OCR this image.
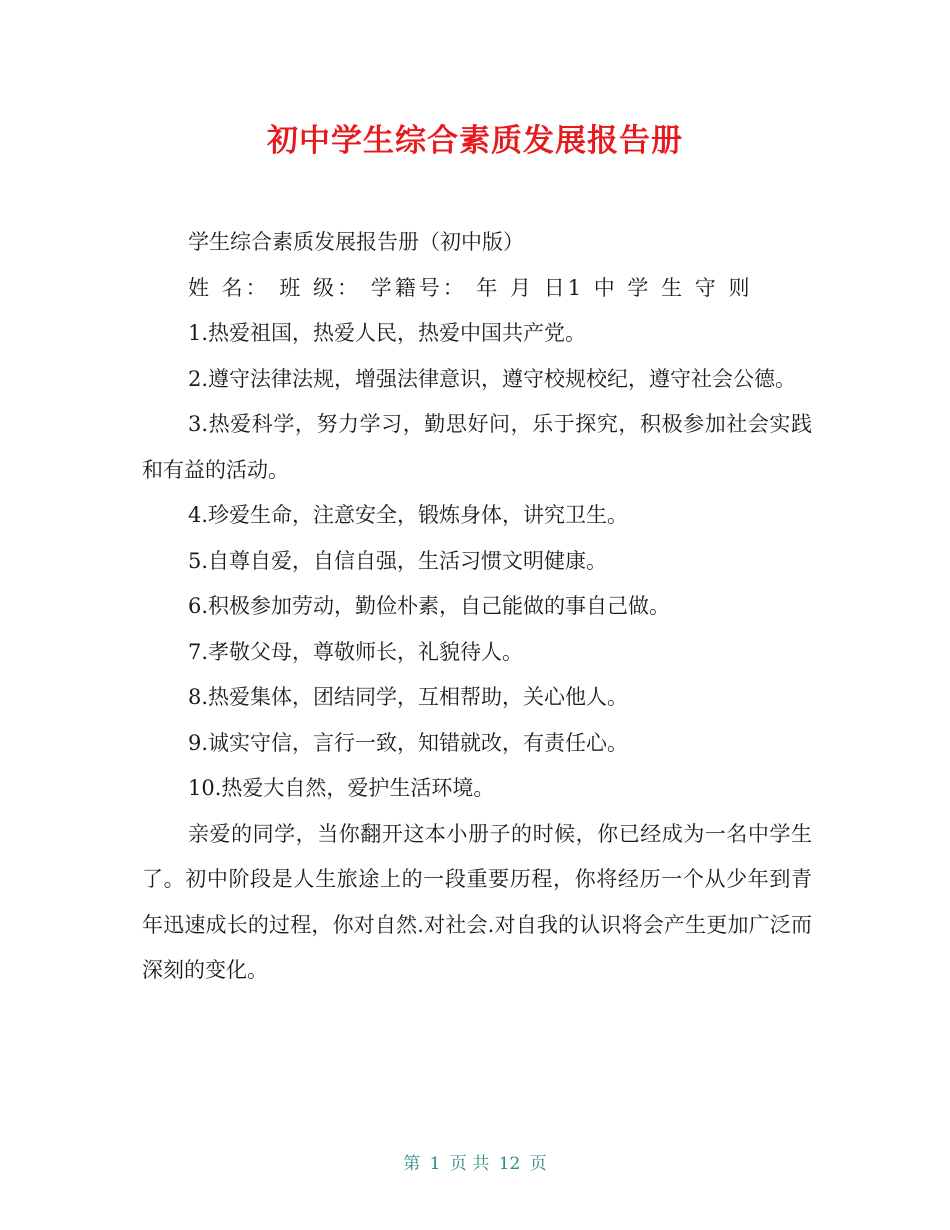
初中学生综合素质发展报告册

学生综合素质发展报告册（初中版）

姓 名： 班 级： 学籍号： 年 月 日1 中 学 生 守 则

1.热爱祖国，热爱人民，热爱中国共产党。

2.遵守法律法规，增强法律意识，遵守校规校纪，遵守社会公德。

3.热爱科学，努力学习，勤思好问，乐于探究，积极参加社会实践和有益的活动。

4.珍爱生命，注意安全，锻炼身体，讲究卫生。

5.自尊自爱，自信自强，生活习惯文明健康。

6.积极参加劳动，勤俭朴素，自己能做的事自己做。

7.孝敬父母，尊敬师长，礼貌待人。

8.热爱集体，团结同学，互相帮助，关心他人。

9.诚实守信，言行一致，知错就改，有责任心。

10.热爱大自然，爱护生活环境。

亲爱的同学，当你翻开这本小册子的时候，你已经成为一名中学生了。初中阶段是人生旅途上的一段重要历程，你将经历一个从少年到青年迅速成长的过程，你对自然.对社会.对自我的认识将会产生更加广泛而深刻的变化。

第 1 页 共 12 页
